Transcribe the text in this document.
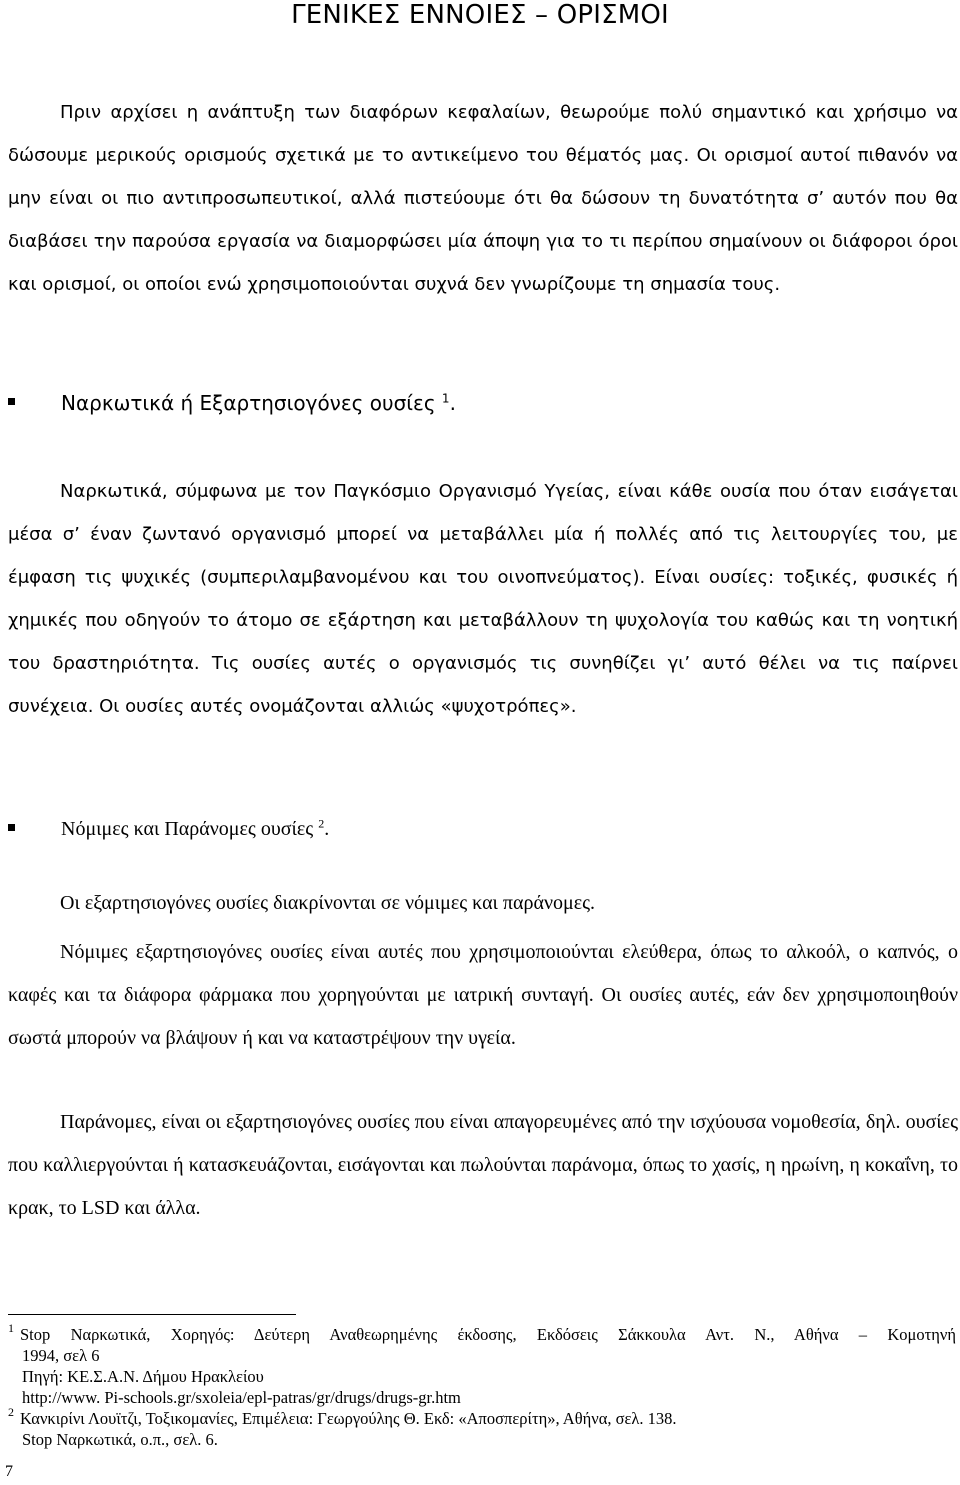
ΓΕΝΙΚΕΣ ΕΝΝΟΙΕΣ – ΟΡΙΣΜΟΙ
Πριν αρχίσει η ανάπτυξη των διαφόρων κεφαλαίων, θεωρούμε πολύ σημαντικό και χρήσιμο να δώσουμε μερικούς ορισμούς σχετικά με το αντικείμενο του θέματός μας. Οι ορισμοί αυτοί πιθανόν να μην είναι οι πιο αντιπροσωπευτικοί, αλλά πιστεύουμε ότι θα δώσουν τη δυνατότητα σ’ αυτόν που θα διαβάσει την παρούσα εργασία να διαμορφώσει μία άποψη για το τι περίπου σημαίνουν οι διάφοροι όροι και ορισμοί, οι οποίοι ενώ χρησιμοποιούνται συχνά δεν γνωρίζουμε τη σημασία τους.
Ναρκωτικά ή Εξαρτησιογόνες ουσίες $^1$.
Ναρκωτικά, σύμφωνα με τον Παγκόσμιο Οργανισμό Υγείας, είναι κάθε ουσία που όταν εισάγεται μέσα σ’ έναν ζωντανό οργανισμό μπορεί να μεταβάλλει μία ή πολλές από τις λειτουργίες του, με έμφαση τις ψυχικές (συμπεριλαμβανομένου και του οινοπνεύματος). Είναι ουσίες: τοξικές, φυσικές ή χημικές που οδηγούν το άτομο σε εξάρτηση και μεταβάλλουν τη ψυχολογία του καθώς και τη νοητική του δραστηριότητα. Τις ουσίες αυτές ο οργανισμός τις συνηθίζει γι’ αυτό θέλει να τις παίρνει συνέχεια. Οι ουσίες αυτές ονομάζονται αλλιώς «ψυχοτρόπες».
Νόμιμες και Παράνομες ουσίες $^2$.
Οι εξαρτησιογόνες ουσίες διακρίνονται σε νόμιμες και παράνομες.
Νόμιμες εξαρτησιογόνες ουσίες είναι αυτές που χρησιμοποιούνται ελεύθερα, όπως το αλκοόλ, ο καπνός, ο καφές και τα διάφορα φάρμακα που χορηγούνται με ιατρική συνταγή. Οι ουσίες αυτές, εάν δεν χρησιμοποιηθούν σωστά μπορούν να βλάψουν ή και να καταστρέψουν την υγεία.
Παράνομες, είναι οι εξαρτησιογόνες ουσίες που είναι απαγορευμένες από την ισχύουσα νομοθεσία, δηλ. ουσίες που καλλιεργούνται ή κατασκευάζονται, εισάγονται και πωλούνται παράνομα, όπως το χασίς, η ηρωίνη, η κοκαΐνη, το κρακ, το LSD και άλλα.
1 Stop Ναρκωτικά, Χορηγός: Δεύτερη Αναθεωρημένης έκδοσης, Εκδόσεις Σάκκουλα Αντ. Ν., Αθήνα – Κομοτηνή
1994, σελ 6
Πηγή: ΚΕ.Σ.Α.Ν. Δήμου Ηρακλείου
http://www. Pi-schools.gr/sxoleia/epl-patras/gr/drugs/drugs-gr.htm
2 Κανκιρίνι Λουϊτζι, Τοξικομανίες, Επιμέλεια: Γεωργούλης Θ. Εκδ: «Αποσπερίτη», Αθήνα, σελ. 138.
Stop Ναρκωτικά, ο.π., σελ. 6.
7
